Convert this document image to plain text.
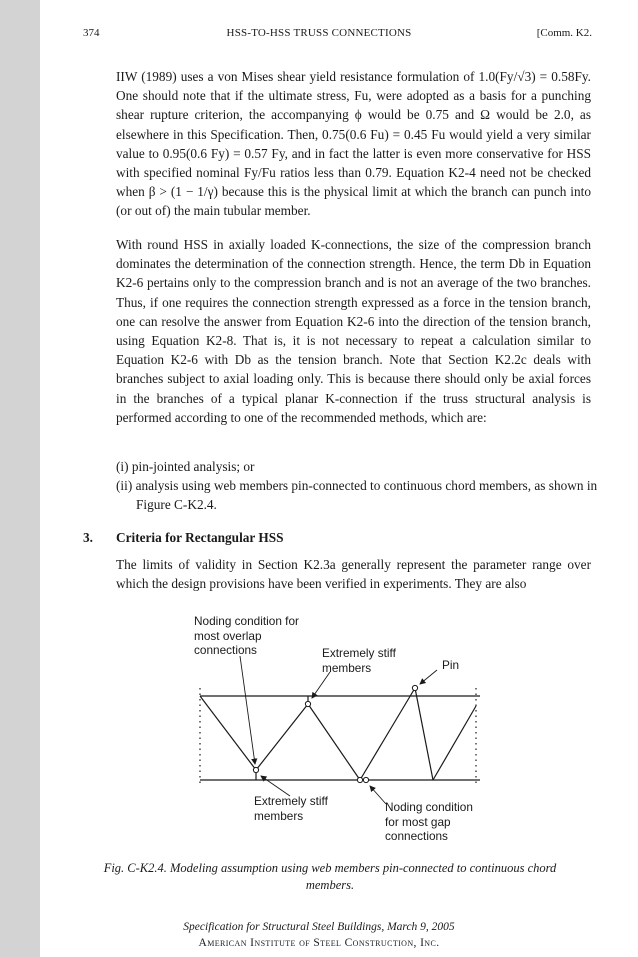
374	HSS-TO-HSS TRUSS CONNECTIONS	[Comm. K2.

IIW (1989) uses a von Mises shear yield resistance formulation of 1.0(Fy/√3) = 0.58Fy. One should note that if the ultimate stress, Fu, were adopted as a basis for a punching shear rupture criterion, the accompanying ϕ would be 0.75 and Ω would be 2.0, as elsewhere in this Specification. Then, 0.75(0.6 Fu) = 0.45 Fu would yield a very similar value to 0.95(0.6 Fy) = 0.57 Fy, and in fact the latter is even more conservative for HSS with specified nominal Fy/Fu ratios less than 0.79. Equation K2-4 need not be checked when β > (1 − 1/γ) because this is the physical limit at which the branch can punch into (or out of) the main tubular member.

With round HSS in axially loaded K-connections, the size of the compression branch dominates the determination of the connection strength. Hence, the term Db in Equation K2-6 pertains only to the compression branch and is not an average of the two branches. Thus, if one requires the connection strength expressed as a force in the tension branch, one can resolve the answer from Equation K2-6 into the direction of the tension branch, using Equation K2-8. That is, it is not necessary to repeat a calculation similar to Equation K2-6 with Db as the tension branch. Note that Section K2.2c deals with branches subject to axial loading only. This is because there should only be axial forces in the branches of a typical planar K-connection if the truss structural analysis is performed according to one of the recommended methods, which are:

(i) pin-jointed analysis; or
(ii) analysis using web members pin-connected to continuous chord members, as shown in Figure C-K2.4.
3. Criteria for Rectangular HSS

The limits of validity in Section K2.3a generally represent the parameter range over which the design provisions have been verified in experiments. They are also

Noding condition for most overlap connections	Extremely stiff members	Pin
Extremely stiff members
Noding condition for most gap connections
Fig. C-K2.4. Modeling assumption using web members pin-connected to continuous chord members.
Specification for Structural Steel Buildings, March 9, 2005
American Institute of Steel Construction, Inc.
